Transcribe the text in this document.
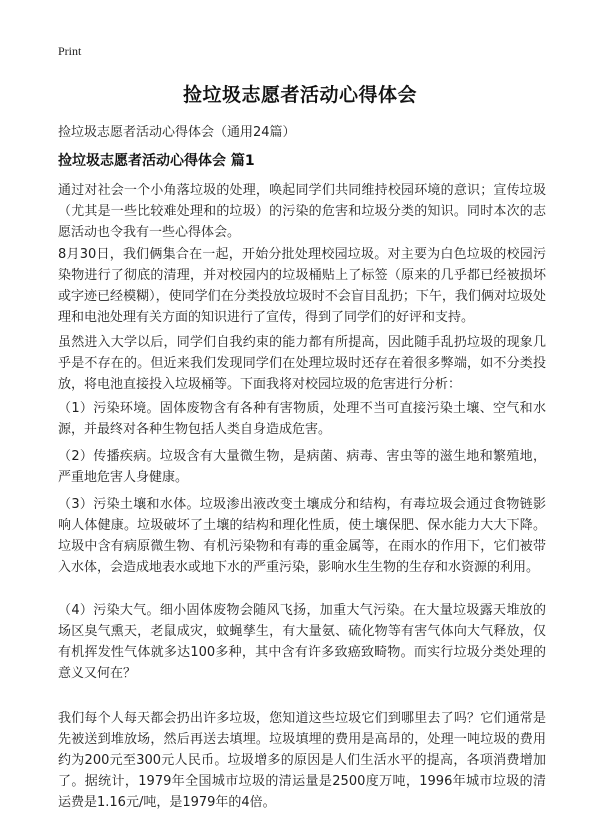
Print
捡垃圾志愿者活动心得体会
捡垃圾志愿者活动心得体会（通用24篇）
捡垃圾志愿者活动心得体会 篇1

通过对社会一个小角落垃圾的处理，唤起同学们共同维持校园环境的意识；宣传垃圾（尤其是一些比较难处理和的垃圾）的污染的危害和垃圾分类的知识。同时本次的志愿活动也令我有一些心得体会。

8月30日，我们俩集合在一起，开始分批处理校园垃圾。对主要为白色垃圾的校园污染物进行了彻底的清理，并对校园内的垃圾桶贴上了标签（原来的几乎都已经被损坏或字迹已经模糊），使同学们在分类投放垃圾时不会盲目乱扔；下午，我们俩对垃圾处理和电池处理有关方面的知识进行了宣传，得到了同学们的好评和支持。

虽然进入大学以后，同学们自我约束的能力都有所提高，因此随手乱扔垃圾的现象几乎是不存在的。但近来我们发现同学们在处理垃圾时还存在着很多弊端，如不分类投放，将电池直接投入垃圾桶等。下面我将对校园垃圾的危害进行分析：

（1）污染环境。固体废物含有各种有害物质，处理不当可直接污染土壤、空气和水源，并最终对各种生物包括人类自身造成危害。

（2）传播疾病。垃圾含有大量微生物，是病菌、病毒、害虫等的滋生地和繁殖地，严重地危害人身健康。

（3）污染土壤和水体。垃圾渗出液改变土壤成分和结构，有毒垃圾会通过食物链影响人体健康。垃圾破坏了土壤的结构和理化性质，使土壤保肥、保水能力大大下降。垃圾中含有病原微生物、有机污染物和有毒的重金属等，在雨水的作用下，它们被带入水体，会造成地表水或地下水的严重污染，影响水生生物的生存和水资源的利用。

（4）污染大气。细小固体废物会随风飞扬，加重大气污染。在大量垃圾露天堆放的场区臭气熏天，老鼠成灾，蚊蝇孳生，有大量氨、硫化物等有害气体向大气释放，仅有机挥发性气体就多达100多种，其中含有许多致癌致畸物。而实行垃圾分类处理的意义又何在？

我们每个人每天都会扔出许多垃圾，您知道这些垃圾它们到哪里去了吗？它们通常是先被送到堆放场，然后再送去填埋。垃圾填埋的费用是高昂的，处理一吨垃圾的费用约为200元至300元人民币。垃圾增多的原因是人们生活水平的提高，各项消费增加了。据统计，1979年全国城市垃圾的清运量是2500度万吨，1996年城市垃圾的清运费是1.16元/吨，是1979年的4倍。
